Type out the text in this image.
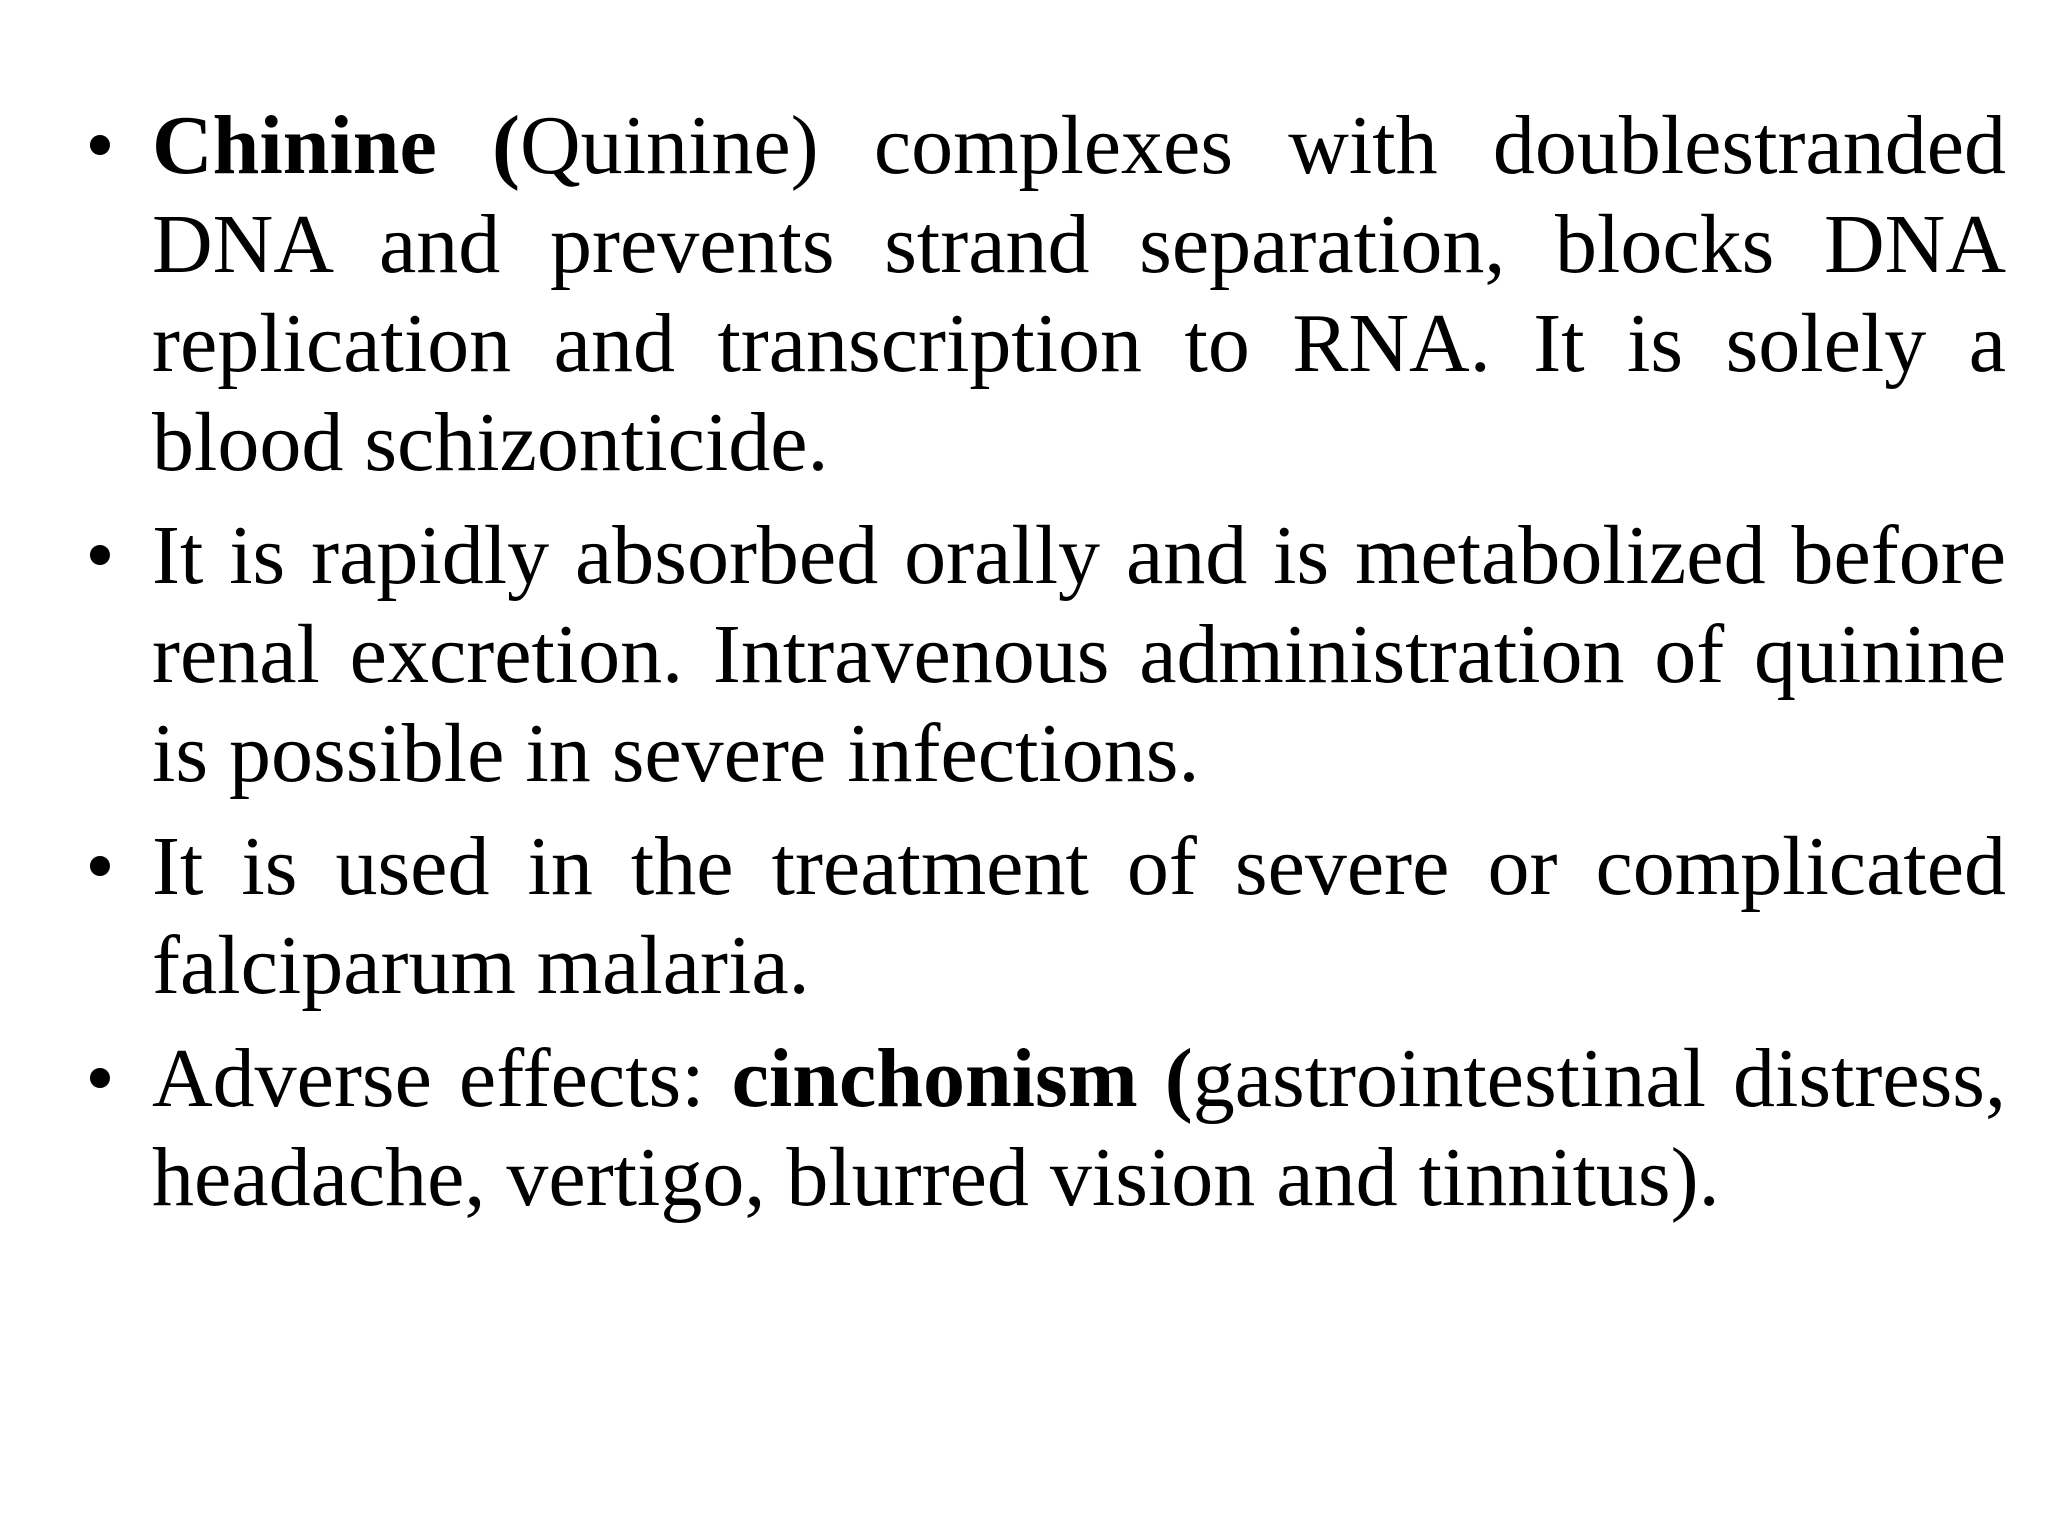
• Chinine (Quinine) complexes with doublestranded DNA and prevents strand separation, blocks DNA replication and transcription to RNA. It is solely a blood schizonticide.
• It is rapidly absorbed orally and is metabolized before renal excretion. Intravenous administration of quinine is possible in severe infections.
• It is used in the treatment of severe or complicated falciparum malaria.
• Adverse effects: cinchonism (gastrointestinal distress, headache, vertigo, blurred vision and tinnitus).
